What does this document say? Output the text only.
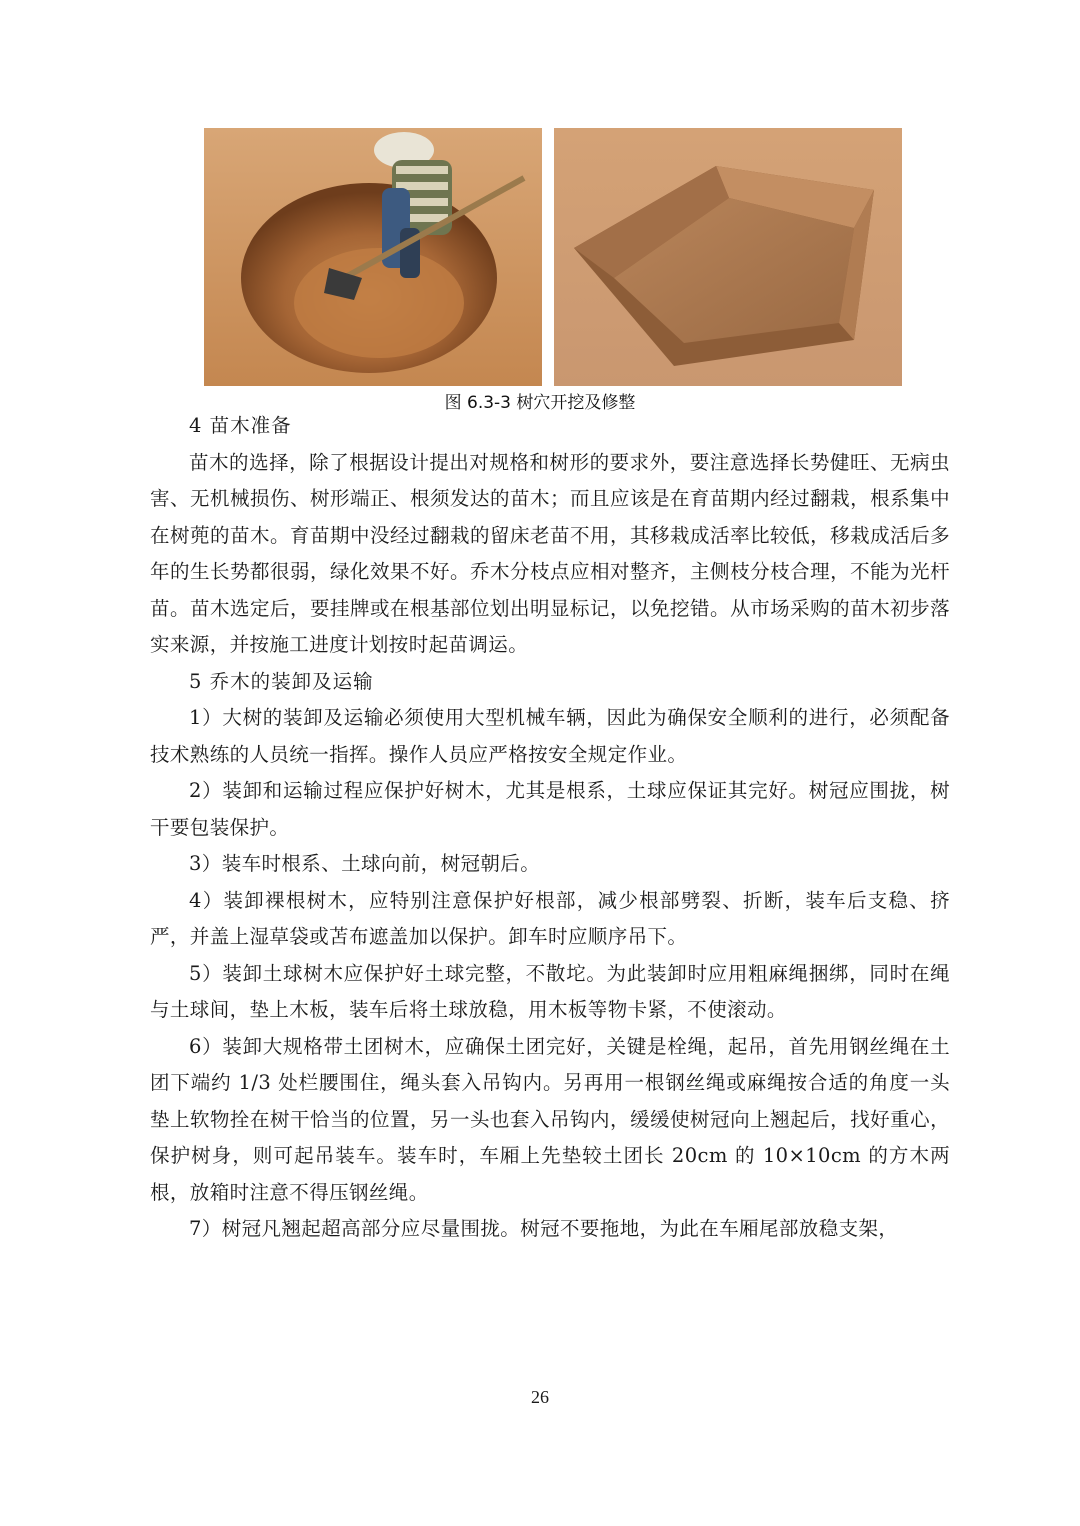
图 6.3-3 树穴开挖及修整

4 苗木准备

苗木的选择，除了根据设计提出对规格和树形的要求外，要注意选择长势健旺、无病虫害、无机械损伤、树形端正、根须发达的苗木；而且应该是在育苗期内经过翻栽，根系集中在树蔸的苗木。育苗期中没经过翻栽的留床老苗不用，其移栽成活率比较低，移栽成活后多年的生长势都很弱，绿化效果不好。乔木分枝点应相对整齐，主侧枝分枝合理，不能为光杆苗。苗木选定后，要挂牌或在根基部位划出明显标记，以免挖错。从市场采购的苗木初步落实来源，并按施工进度计划按时起苗调运。

5 乔木的装卸及运输

1）大树的装卸及运输必须使用大型机械车辆，因此为确保安全顺利的进行，必须配备技术熟练的人员统一指挥。操作人员应严格按安全规定作业。

2）装卸和运输过程应保护好树木，尤其是根系，土球应保证其完好。树冠应围拢，树干要包装保护。

3）装车时根系、土球向前，树冠朝后。

4）装卸裸根树木，应特别注意保护好根部，减少根部劈裂、折断，装车后支稳、挤严，并盖上湿草袋或苫布遮盖加以保护。卸车时应顺序吊下。

5）装卸土球树木应保护好土球完整，不散坨。为此装卸时应用粗麻绳捆绑，同时在绳与土球间，垫上木板，装车后将土球放稳，用木板等物卡紧，不使滚动。

6）装卸大规格带土团树木，应确保土团完好，关键是栓绳，起吊，首先用钢丝绳在土团下端约 1/3 处栏腰围住，绳头套入吊钩内。另再用一根钢丝绳或麻绳按合适的角度一头垫上软物拴在树干恰当的位置，另一头也套入吊钩内，缓缓使树冠向上翘起后，找好重心，保护树身，则可起吊装车。装车时，车厢上先垫较土团长 20cm 的 10×10cm 的方木两根，放箱时注意不得压钢丝绳。

7）树冠凡翘起超高部分应尽量围拢。树冠不要拖地，为此在车厢尾部放稳支架，

26
